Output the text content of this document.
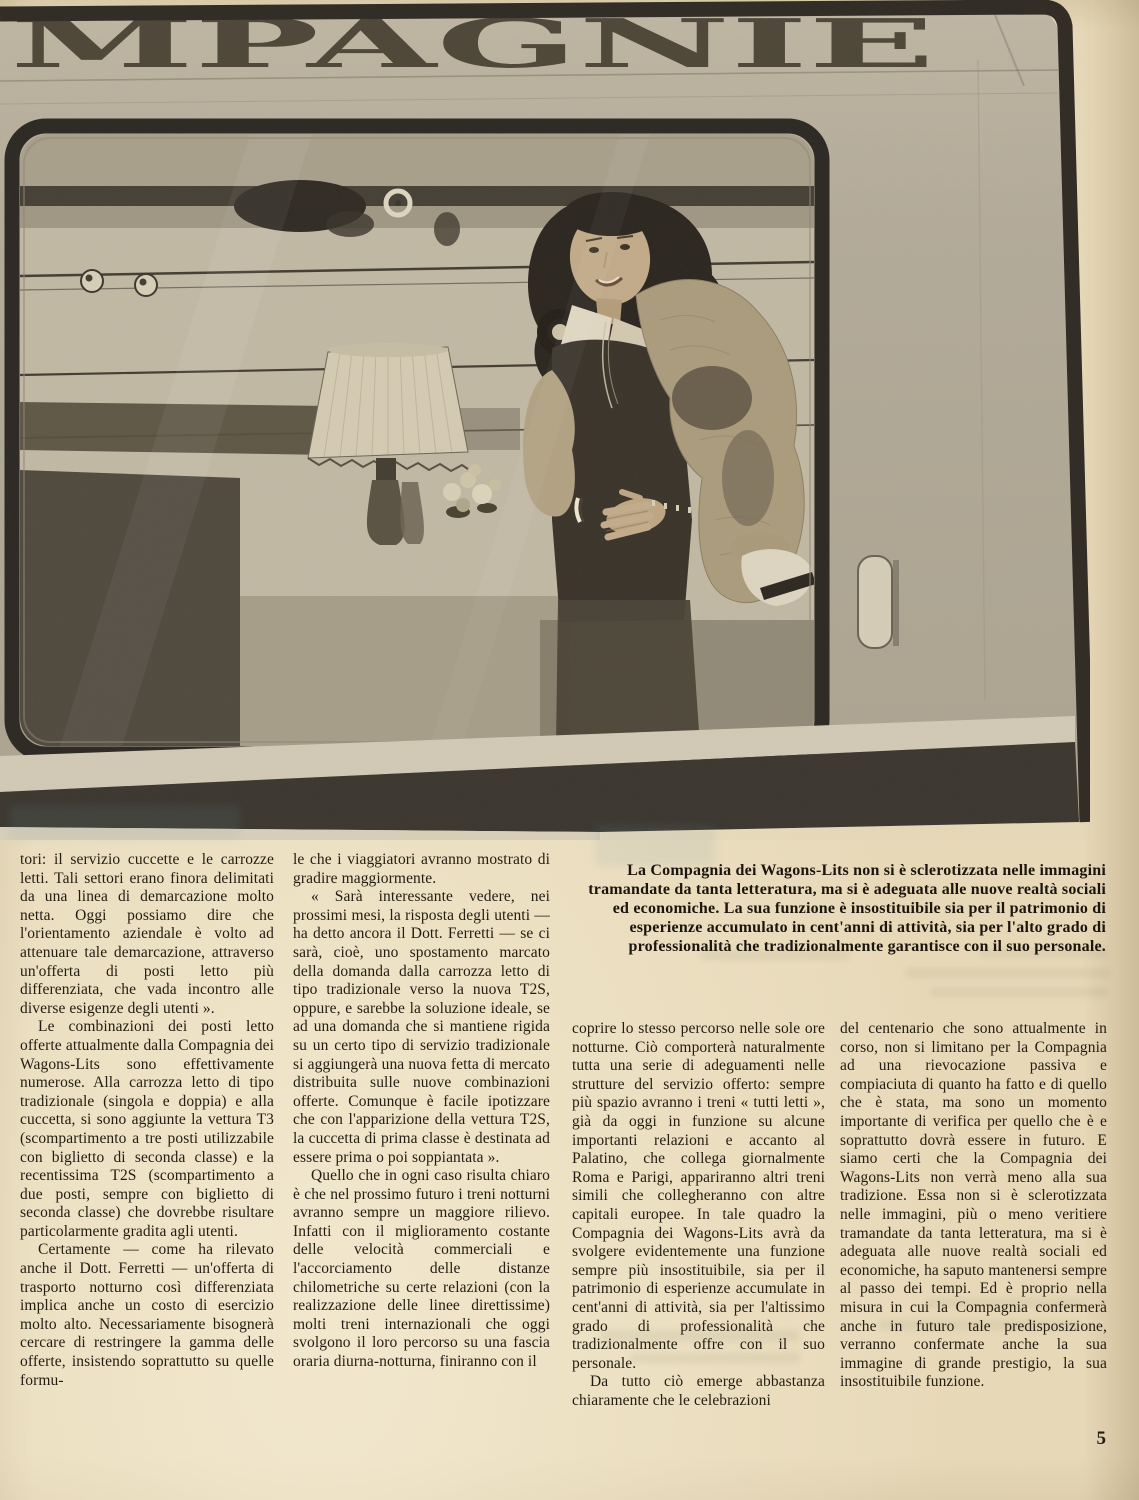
La Compagnia dei Wagons-Lits non si è sclerotizzata nelle immagini tramandate da tanta letteratura, ma si è adeguata alle nuove realtà sociali ed economiche. La sua funzione è insostituibile sia per il patrimonio di esperienze accumulato in cent'anni di attività, sia per l'alto grado di professionalità che tradizionalmente garantisce con il suo personale.

tori: il servizio cuccette e le carrozze letti. Tali settori erano finora delimitati da una linea di demarcazione molto netta. Oggi possiamo dire che l'orientamento aziendale è volto ad attenuare tale demarcazione, attraverso un'offerta di posti letto più differenziata, che vada incontro alle diverse esigenze degli utenti ».

Le combinazioni dei posti letto offerte attualmente dalla Compagnia dei Wagons-Lits sono effettivamente numerose. Alla carrozza letto di tipo tradizionale (singola e doppia) e alla cuccetta, si sono aggiunte la vettura T3 (scompartimento a tre posti utilizzabile con biglietto di seconda classe) e la recentissima T2S (scompartimento a due posti, sempre con biglietto di seconda classe) che dovrebbe risultare particolarmente gradita agli utenti.

Certamente — come ha rilevato anche il Dott. Ferretti — un'offerta di trasporto notturno così differenziata implica anche un costo di esercizio molto alto. Necessariamente bisognerà cercare di restringere la gamma delle offerte, insistendo soprattutto su quelle formu-

le che i viaggiatori avranno mostrato di gradire maggiormente.

« Sarà interessante vedere, nei prossimi mesi, la risposta degli utenti — ha detto ancora il Dott. Ferretti — se ci sarà, cioè, uno spostamento marcato della domanda dalla carrozza letto di tipo tradizionale verso la nuova T2S, oppure, e sarebbe la soluzione ideale, se ad una domanda che si mantiene rigida su un certo tipo di servizio tradizionale si aggiungerà una nuova fetta di mercato distribuita sulle nuove combinazioni offerte. Comunque è facile ipotizzare che con l'apparizione della vettura T2S, la cuccetta di prima classe è destinata ad essere prima o poi soppiantata ».

Quello che in ogni caso risulta chiaro è che nel prossimo futuro i treni notturni avranno sempre un maggiore rilievo. Infatti con il miglioramento costante delle velocità commerciali e l'accorciamento delle distanze chilometriche su certe relazioni (con la realizzazione delle linee direttissime) molti treni internazionali che oggi svolgono il loro percorso su una fascia oraria diurna-notturna, finiranno con il

coprire lo stesso percorso nelle sole ore notturne. Ciò comporterà naturalmente tutta una serie di adeguamenti nelle strutture del servizio offerto: sempre più spazio avranno i treni « tutti letti », già da oggi in funzione su alcune importanti relazioni e accanto al Palatino, che collega giornalmente Roma e Parigi, appariranno altri treni simili che collegheranno con altre capitali europee. In tale quadro la Compagnia dei Wagons-Lits avrà da svolgere evidentemente una funzione sempre più insostituibile, sia per il patrimonio di esperienze accumulate in cent'anni di attività, sia per l'altissimo grado di professionalità che tradizionalmente offre con il suo personale.

Da tutto ciò emerge abbastanza chiaramente che le celebrazioni

del centenario che sono attualmente in corso, non si limitano per la Compagnia ad una rievocazione passiva e compiaciuta di quanto ha fatto e di quello che è stata, ma sono un momento importante di verifica per quello che è e soprattutto dovrà essere in futuro. E siamo certi che la Compagnia dei Wagons-Lits non verrà meno alla sua tradizione. Essa non si è sclerotizzata nelle immagini, più o meno veritiere tramandate da tanta letteratura, ma si è adeguata alle nuove realtà sociali ed economiche, ha saputo mantenersi sempre al passo dei tempi. Ed è proprio nella misura in cui la Compagnia confermerà anche in futuro tale predisposizione, verranno confermate anche la sua immagine di grande prestigio, la sua insostituibile funzione.

5
